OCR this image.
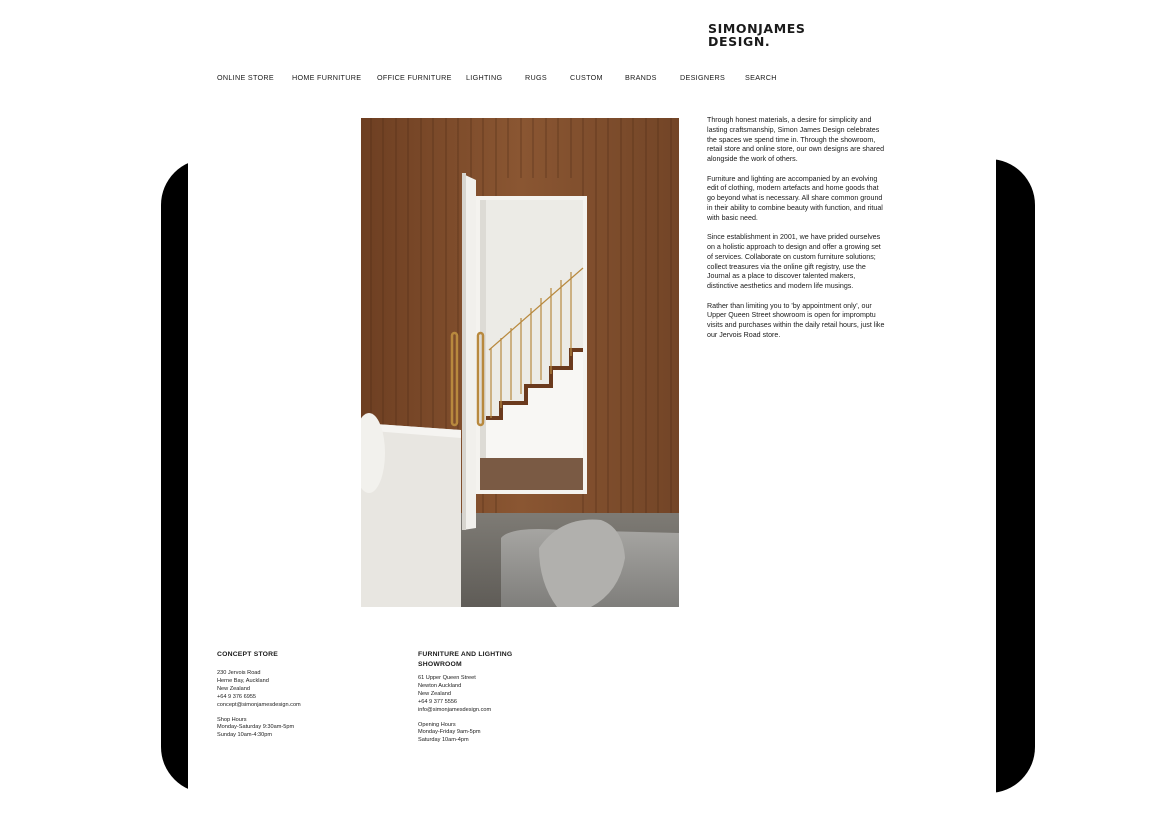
SIMONJAMES
DESIGN.
ONLINE STORE	HOME FURNITURE OFFICE FURNITURE LIGHTING	RUGS	CUSTOM	BRANDS	DESIGNERS	SEARCH

Through honest materials, a desire for simplicity and lasting craftsmanship, Simon James Design celebrates the spaces we spend time in. Through the showroom, retail store and online store, our own designs are shared alongside the work of others.

Furniture and lighting are accompanied by an evolving edit of clothing, modern artefacts and home goods that go beyond what is necessary. All share common ground in their ability to combine beauty with function, and ritual with basic need.

Since establishment in 2001, we have prided ourselves on a holistic approach to design and offer a growing set of services. Collaborate on custom furniture solutions; collect treasures via the online gift registry, use the Journal as a place to discover talented makers, distinctive aesthetics and modern life musings.

Rather than limiting you to 'by appointment only', our Upper Queen Street showroom is open for impromptu visits and purchases within the daily retail hours, just like our Jervois Road store.

CONCEPT STORE
230 Jervois Road
Herne Bay, Auckland
New Zealand
+64 9 376 6955
concept@simonjamesdesign.com
Shop Hours
Monday-Saturday 9:30am-5pm
Sunday 10am-4:30pm
FURNITURE AND LIGHTING
SHOWROOM
61 Upper Queen Street
Newton Auckland
New Zealand
+64 9 377 5556
info@simonjamesdesign.com
Opening Hours
Monday-Friday 9am-5pm
Saturday 10am-4pm
